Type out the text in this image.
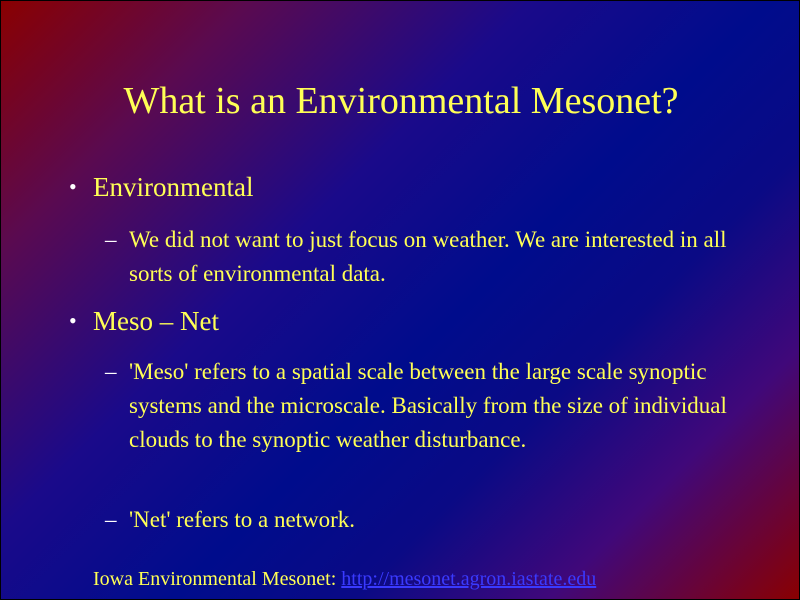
What is an Environmental Mesonet?
• Environmental
– We did not want to just focus on weather. We are interested in all sorts of environmental data.
• Meso – Net
– 'Meso' refers to a spatial scale between the large scale synoptic systems and the microscale. Basically from the size of individual clouds to the synoptic weather disturbance.
– 'Net' refers to a network.
Iowa Environmental Mesonet: http://mesonet.agron.iastate.edu
